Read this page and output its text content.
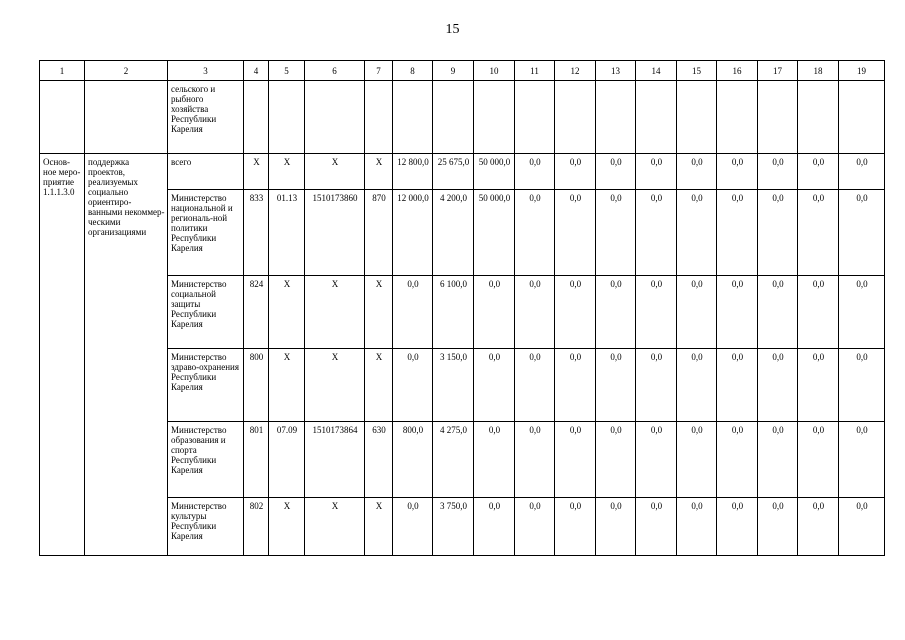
15
1	2	3	4	5	6	7	8	9	10	11	12	13	14	15	16	17	18	19
		сельского и рыбного хозяйства Республики Карелия																
Основ-ное меро-приятие 1.1.1.3.0	поддержка проектов, реализуемых социально ориентиро-ванными некоммер-ческими организациями	всего	Х	Х	Х	Х	12 800,0	25 675,0	50 000,0	0,0	0,0	0,0	0,0	0,0	0,0	0,0	0,0	0,0
		Министерство национальной и региональ-ной политики Республики Карелия	833	01.13	1510173860	870	12 000,0	4 200,0	50 000,0	0,0	0,0	0,0	0,0	0,0	0,0	0,0	0,0	0,0
		Министерство социальной защиты Республики Карелия	824	Х	Х	Х	0,0	6 100,0	0,0	0,0	0,0	0,0	0,0	0,0	0,0	0,0	0,0	0,0
		Министерство здраво-охранения Республики Карелия	800	Х	Х	Х	0,0	3 150,0	0,0	0,0	0,0	0,0	0,0	0,0	0,0	0,0	0,0	0,0
		Министерство образования и спорта Республики Карелия	801	07.09	1510173864	630	800,0	4 275,0	0,0	0,0	0,0	0,0	0,0	0,0	0,0	0,0	0,0	0,0
		Министерство культуры Республики Карелия	802	Х	Х	Х	0,0	3 750,0	0,0	0,0	0,0	0,0	0,0	0,0	0,0	0,0	0,0	0,0
